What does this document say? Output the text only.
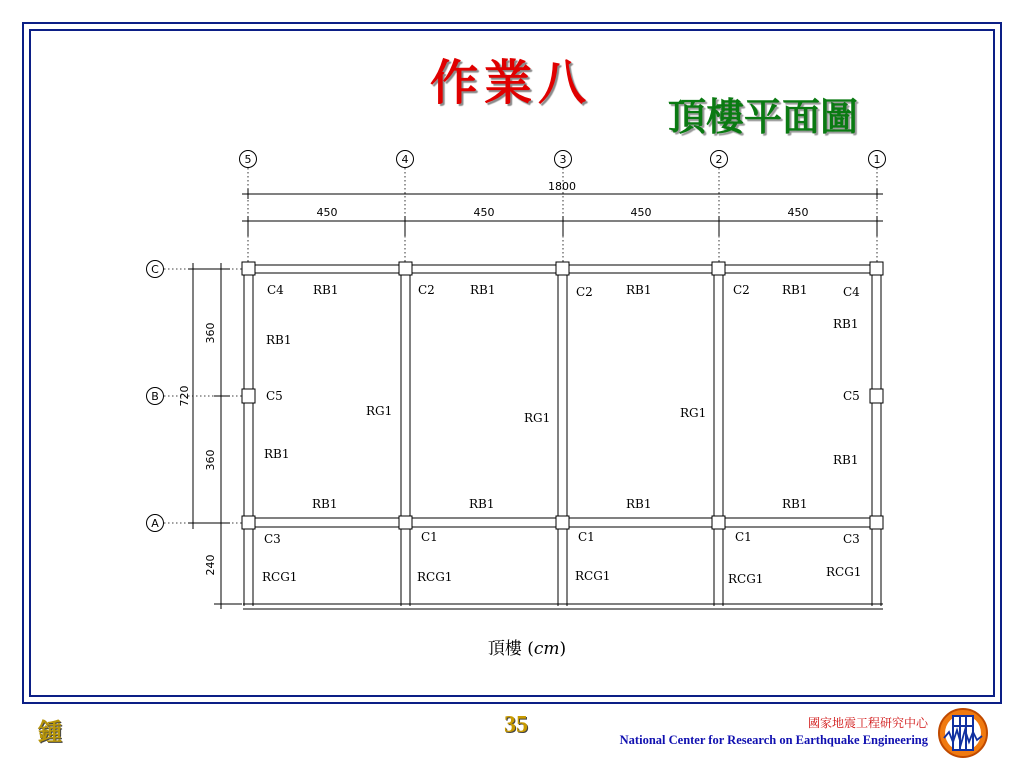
作業八
頂樓平面圖
5	4	3	2	1
1800
450	450	450	450
C
B
A
720
360
360
240
C4 RB1	C2	RB1	C2	RB1	C2	RB1	C4
RB1
RB1
C5	C5
RG1	RG1	RG1
RB1	RB1
RB1	RB1	RB1	RB1
C3	C1	C1	C1	C3
RCG1	RCG1	RCG1	RCG1	RCG1
頂樓 (cm)
鍾	35	國家地震工程研究中心
National Center for Research on Earthquake Engineering
